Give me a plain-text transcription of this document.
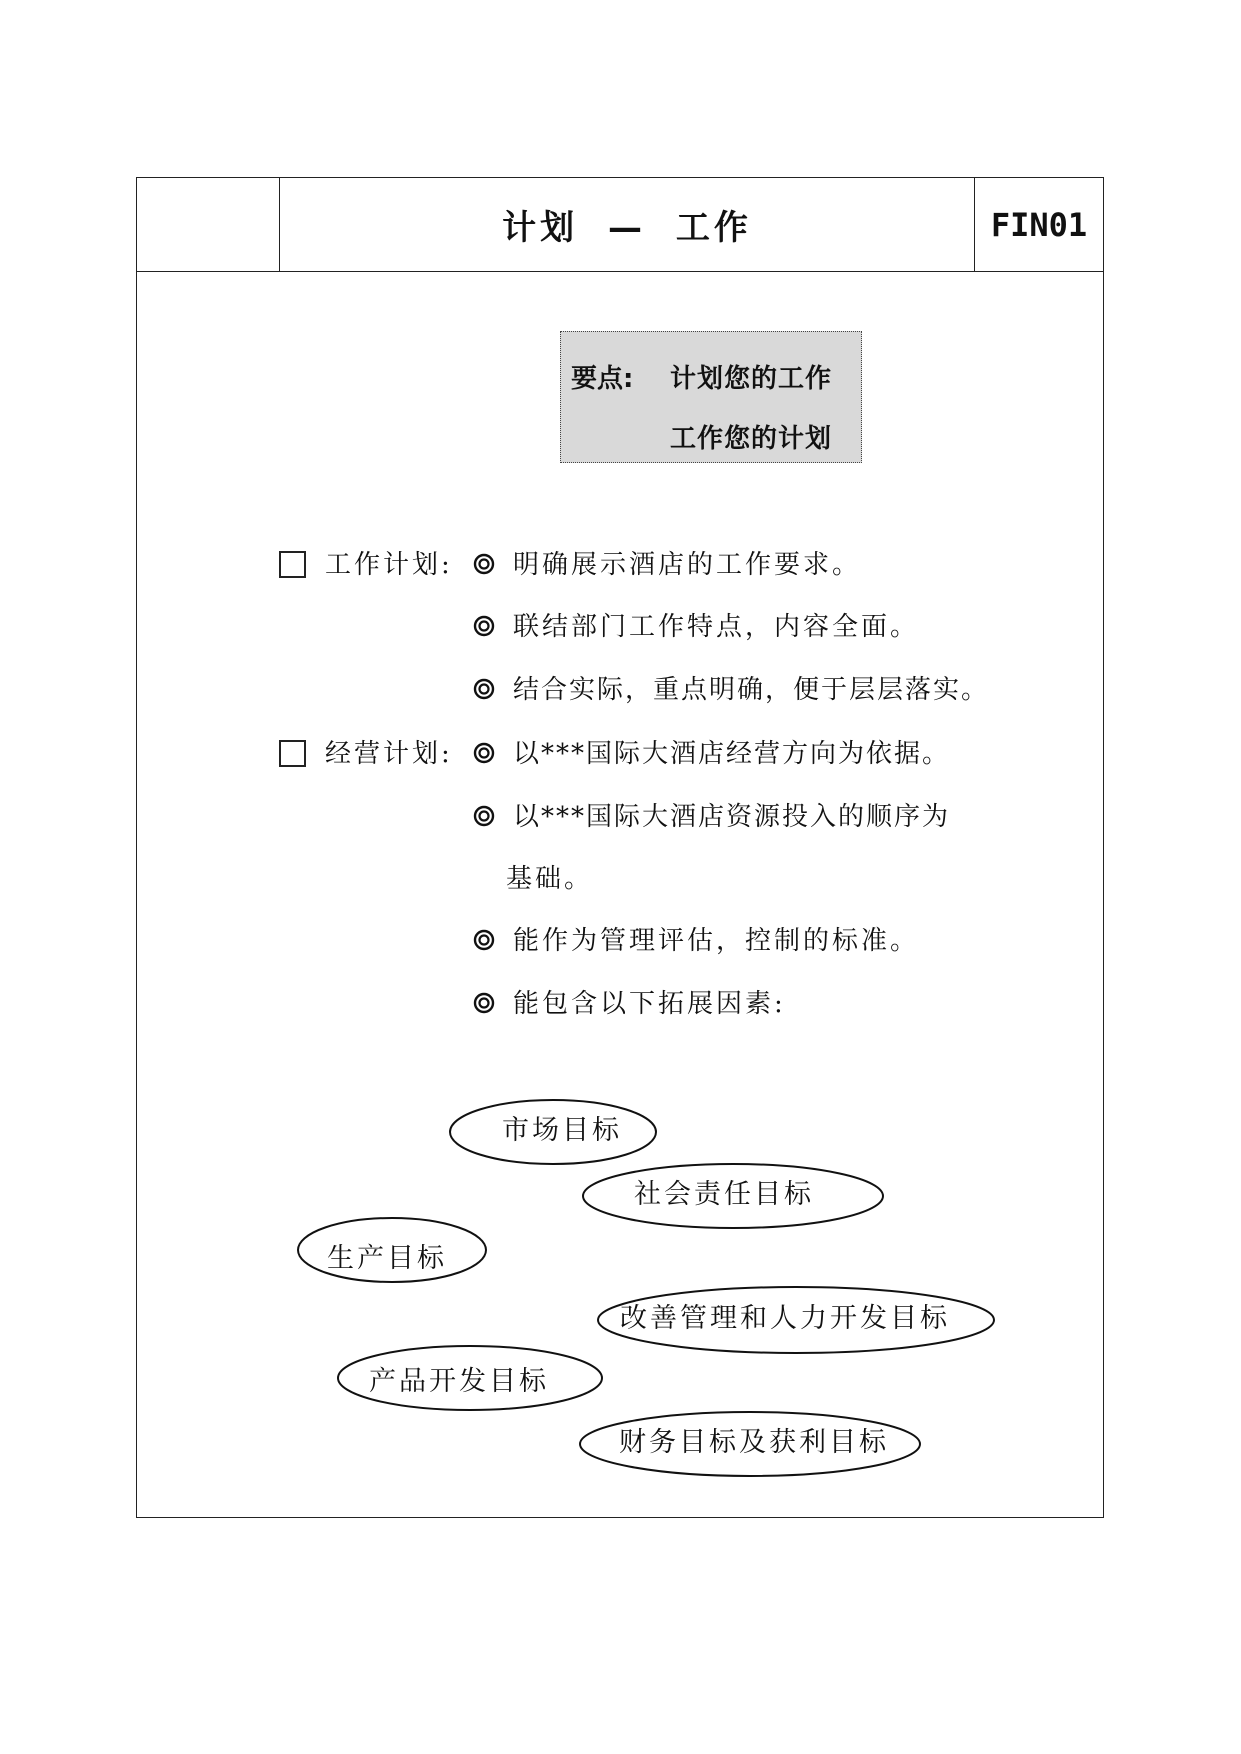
计划 — 工作	FIN01
要点: 计划您的工作
工作您的计划
工作计划: 明确展示酒店的工作要求。
联结部门工作特点，内容全面。
结合实际，重点明确，便于层层落实。
经营计划: 以***国际大酒店经营方向为依据。
以***国际大酒店资源投入的顺序为
基础。
能作为管理评估，控制的标准。
能包含以下拓展因素:
市场目标
社会责任目标
生产目标
改善管理和人力开发目标
产品开发目标
财务目标及获利目标
